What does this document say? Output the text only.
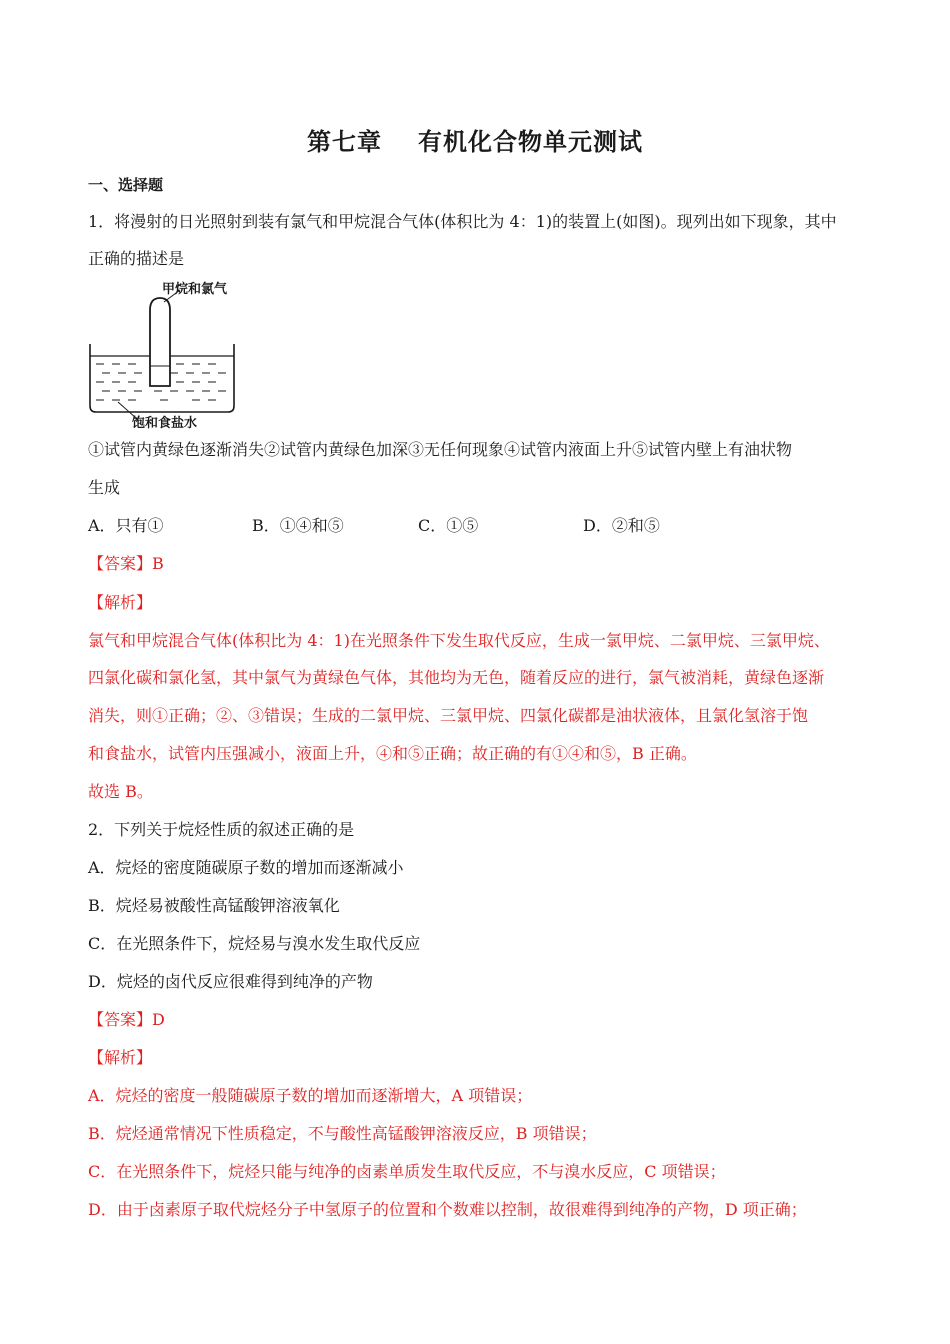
第七章 有机化合物单元测试
一、选择题
1．将漫射的日光照射到装有氯气和甲烷混合气体(体积比为 4：1)的装置上(如图)。现列出如下现象，其中
正确的描述是
甲烷和氯气
饱和食盐水
①试管内黄绿色逐渐消失②试管内黄绿色加深③无任何现象④试管内液面上升⑤试管内壁上有油状物
生成
A．只有①	B．①④和⑤	C．①⑤	D．②和⑤
【答案】B
【解析】
氯气和甲烷混合气体(体积比为 4：1)在光照条件下发生取代反应，生成一氯甲烷、二氯甲烷、三氯甲烷、
四氯化碳和氯化氢，其中氯气为黄绿色气体，其他均为无色，随着反应的进行，氯气被消耗，黄绿色逐渐
消失，则①正确；②、③错误；生成的二氯甲烷、三氯甲烷、四氯化碳都是油状液体，且氯化氢溶于饱
和食盐水，试管内压强减小，液面上升，④和⑤正确；故正确的有①④和⑤，B 正确。
故选 B。
2．下列关于烷烃性质的叙述正确的是
A．烷烃的密度随碳原子数的增加而逐渐减小
B．烷烃易被酸性高锰酸钾溶液氧化
C．在光照条件下，烷烃易与溴水发生取代反应
D．烷烃的卤代反应很难得到纯净的产物
【答案】D
【解析】
A．烷烃的密度一般随碳原子数的增加而逐渐增大，A 项错误；
B．烷烃通常情况下性质稳定，不与酸性高锰酸钾溶液反应，B 项错误；
C．在光照条件下，烷烃只能与纯净的卤素单质发生取代反应，不与溴水反应，C 项错误；
D．由于卤素原子取代烷烃分子中氢原子的位置和个数难以控制，故很难得到纯净的产物，D 项正确；
